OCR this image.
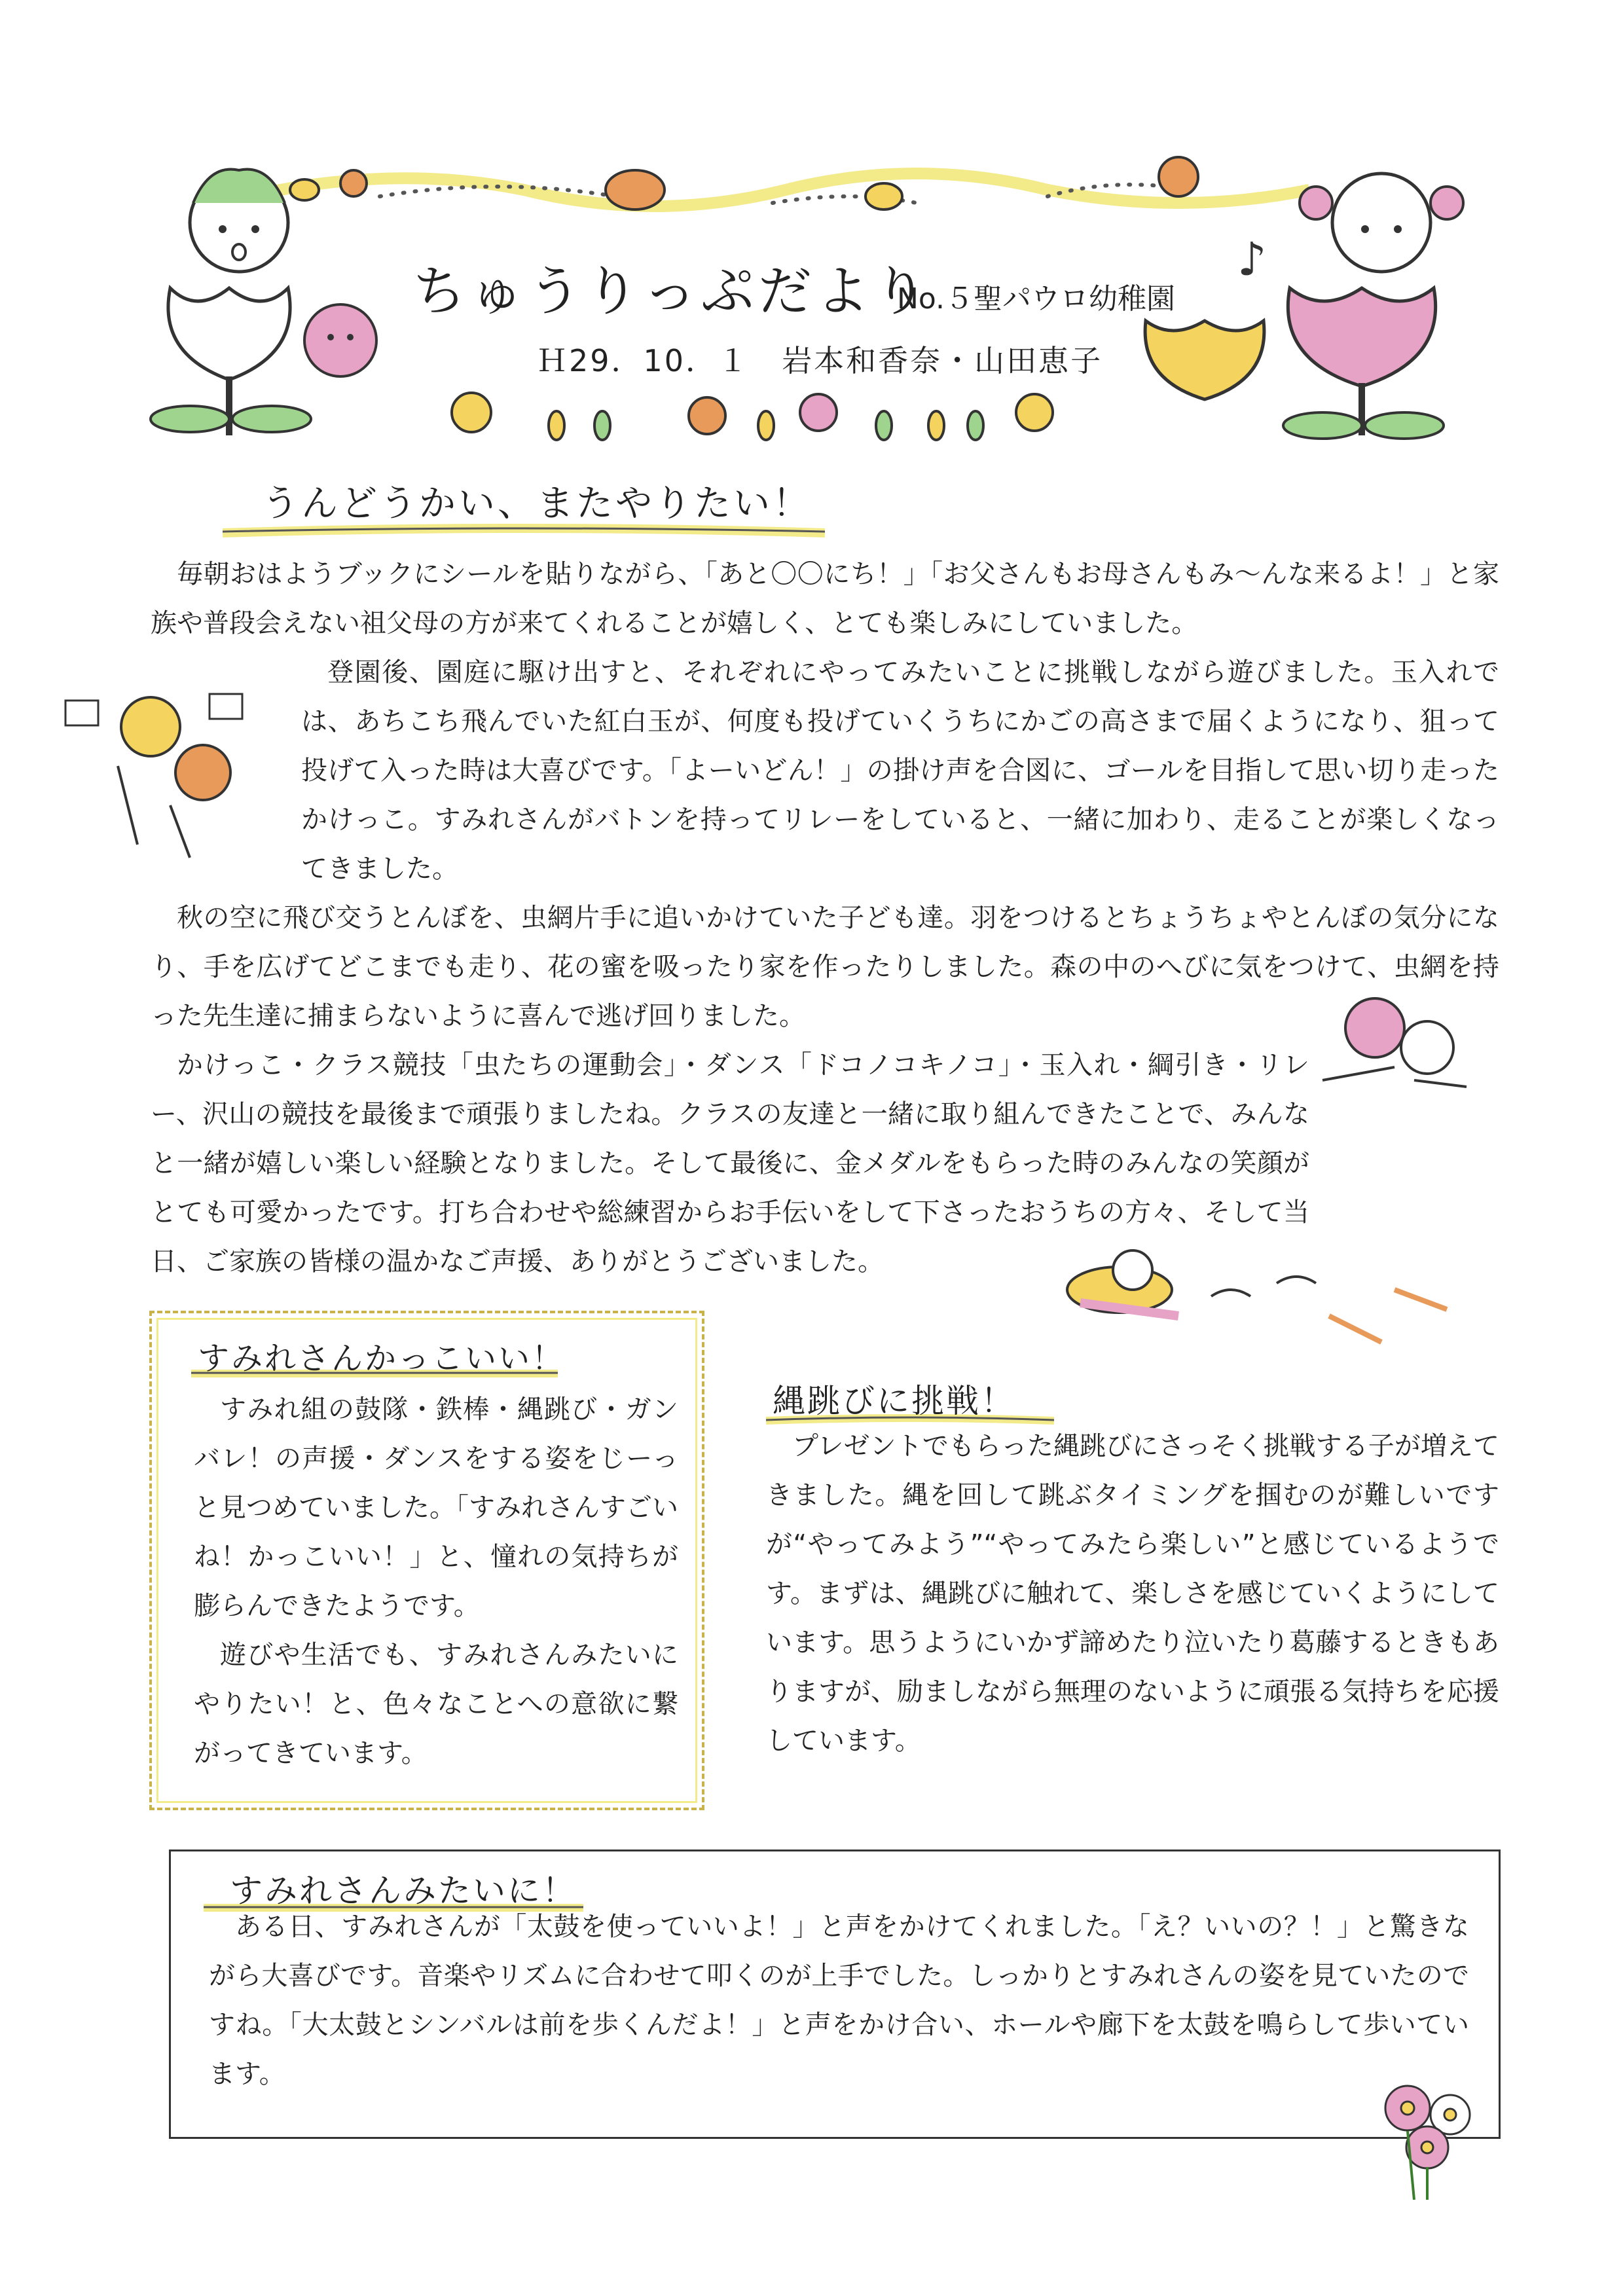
♪
ちゅうりっぷだより
No.５聖パウロ幼稚園
Ｈ29．10．１　岩本和香奈・山田恵子
うんどうかい、またやりたい！

毎朝おはようブックにシールを貼りながら、「あと〇〇にち！」「お父さんもお母さんもみ～んな来るよ！」と家族や普段会えない祖父母の方が来てくれることが嬉しく、とても楽しみにしていました。

登園後、園庭に駆け出すと、それぞれにやってみたいことに挑戦しながら遊びました。玉入れでは、あちこち飛んでいた紅白玉が、何度も投げていくうちにかごの高さまで届くようになり、狙って投げて入った時は大喜びです。「よーいどん！」の掛け声を合図に、ゴールを目指して思い切り走ったかけっこ。すみれさんがバトンを持ってリレーをしていると、一緒に加わり、走ることが楽しくなってきました。

秋の空に飛び交うとんぼを、虫網片手に追いかけていた子ども達。羽をつけるとちょうちょやとんぼの気分になり、手を広げてどこまでも走り、花の蜜を吸ったり家を作ったりしました。森の中のへびに気をつけて、虫網を持った先生達に捕まらないように喜んで逃げ回りました。

かけっこ・クラス競技「虫たちの運動会」・ダンス「ドコノコキノコ」・玉入れ・綱引き・リレー、沢山の競技を最後まで頑張りましたね。クラスの友達と一緒に取り組んできたことで、みんなと一緒が嬉しい楽しい経験となりました。そして最後に、金メダルをもらった時のみんなの笑顔がとても可愛かったです。打ち合わせや総練習からお手伝いをして下さったおうちの方々、そして当日、ご家族の皆様の温かなご声援、ありがとうございました。

すみれさんかっこいい！

すみれ組の鼓隊・鉄棒・縄跳び・ガンバレ！の声援・ダンスをする姿をじーっと見つめていました。「すみれさんすごいね！かっこいい！」と、憧れの気持ちが膨らんできたようです。

遊びや生活でも、すみれさんみたいにやりたい！と、色々なことへの意欲に繋がってきています。

縄跳びに挑戦！

プレゼントでもらった縄跳びにさっそく挑戦する子が増えてきました。縄を回して跳ぶタイミングを掴むのが難しいですが“やってみよう”“やってみたら楽しい”と感じているようです。まずは、縄跳びに触れて、楽しさを感じていくようにしています。思うようにいかず諦めたり泣いたり葛藤するときもありますが、励ましながら無理のないように頑張る気持ちを応援しています。

すみれさんみたいに！

ある日、すみれさんが「太鼓を使っていいよ！」と声をかけてくれました。「え？いいの？！」と驚きながら大喜びです。音楽やリズムに合わせて叩くのが上手でした。しっかりとすみれさんの姿を見ていたのですね。「大太鼓とシンバルは前を歩くんだよ！」と声をかけ合い、ホールや廊下を太鼓を鳴らして歩いています。
